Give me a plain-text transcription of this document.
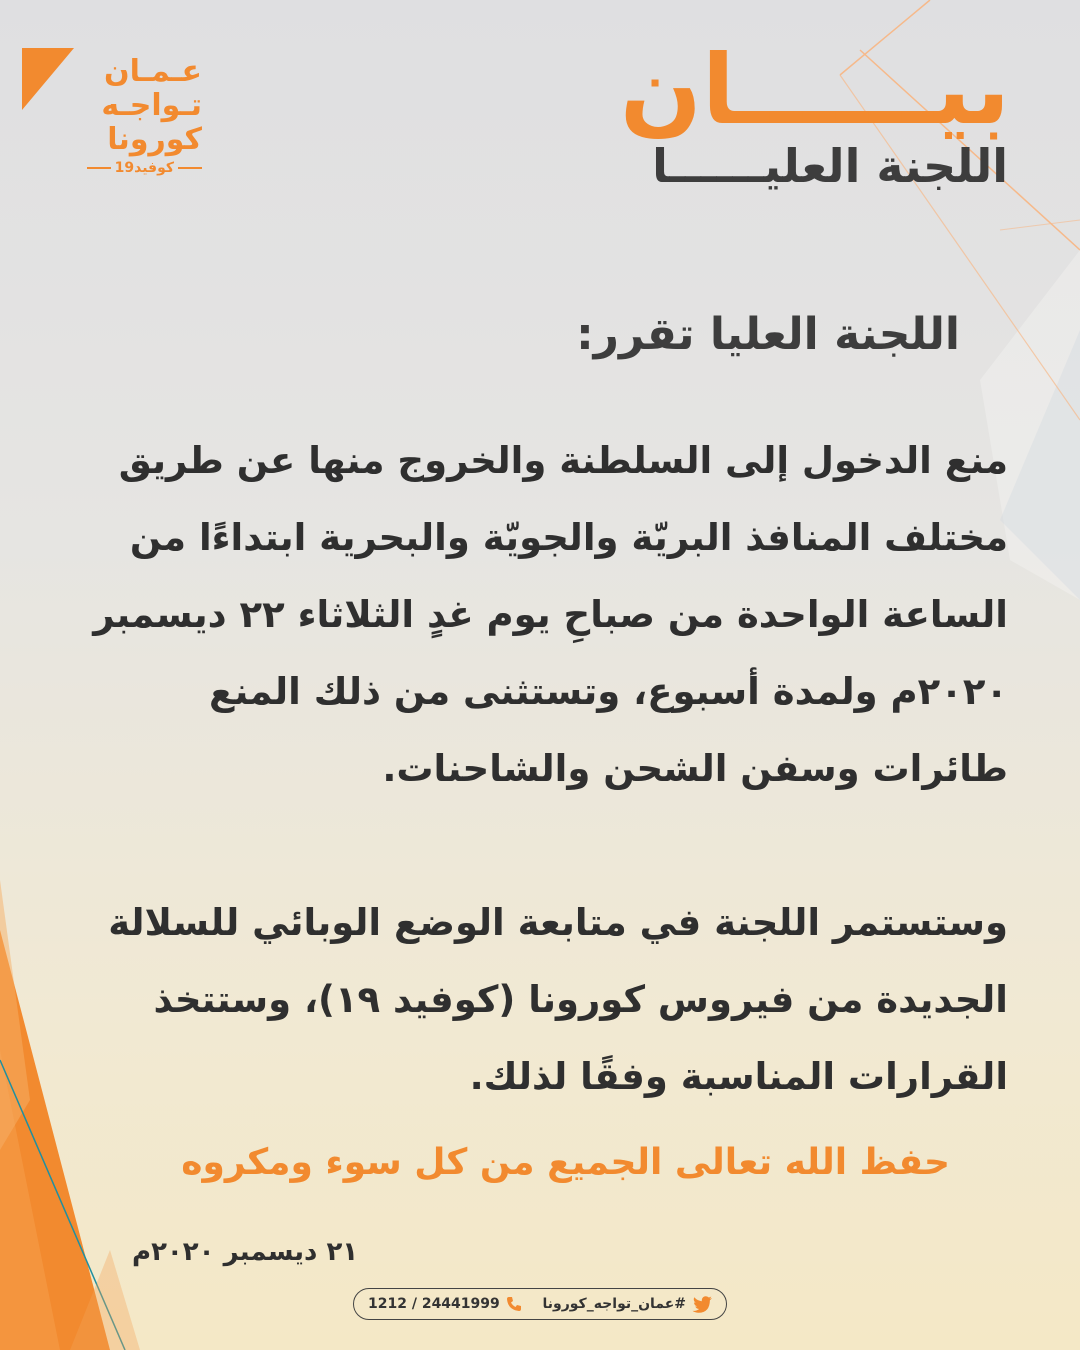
عـمـان
تـواجـه
كورونا
كوفيد19
بيــــــان
اللجنة العليــــــا
اللجنة العليا تقرر:
منع الدخول إلى السلطنة والخروج منها عن طريق
مختلف المنافذ البريّة والجويّة والبحرية ابتداءًا من
الساعة الواحدة من صباحِ يوم غدٍ الثلاثاء ٢٢ ديسمبر
٢٠٢٠م ولمدة أسبوع، وتستثنى من ذلك المنع
طائرات وسفن الشحن والشاحنات.
وستستمر اللجنة في متابعة الوضع الوبائي للسلالة
الجديدة من فيروس كورونا (كوفيد ١٩)، وستتخذ
القرارات المناسبة وفقًا لذلك.
حفظ الله تعالى الجميع من كل سوء ومكروه
٢١ ديسمبر ٢٠٢٠م
1212 / 24441999	#عمان_تواجه_كورونا
